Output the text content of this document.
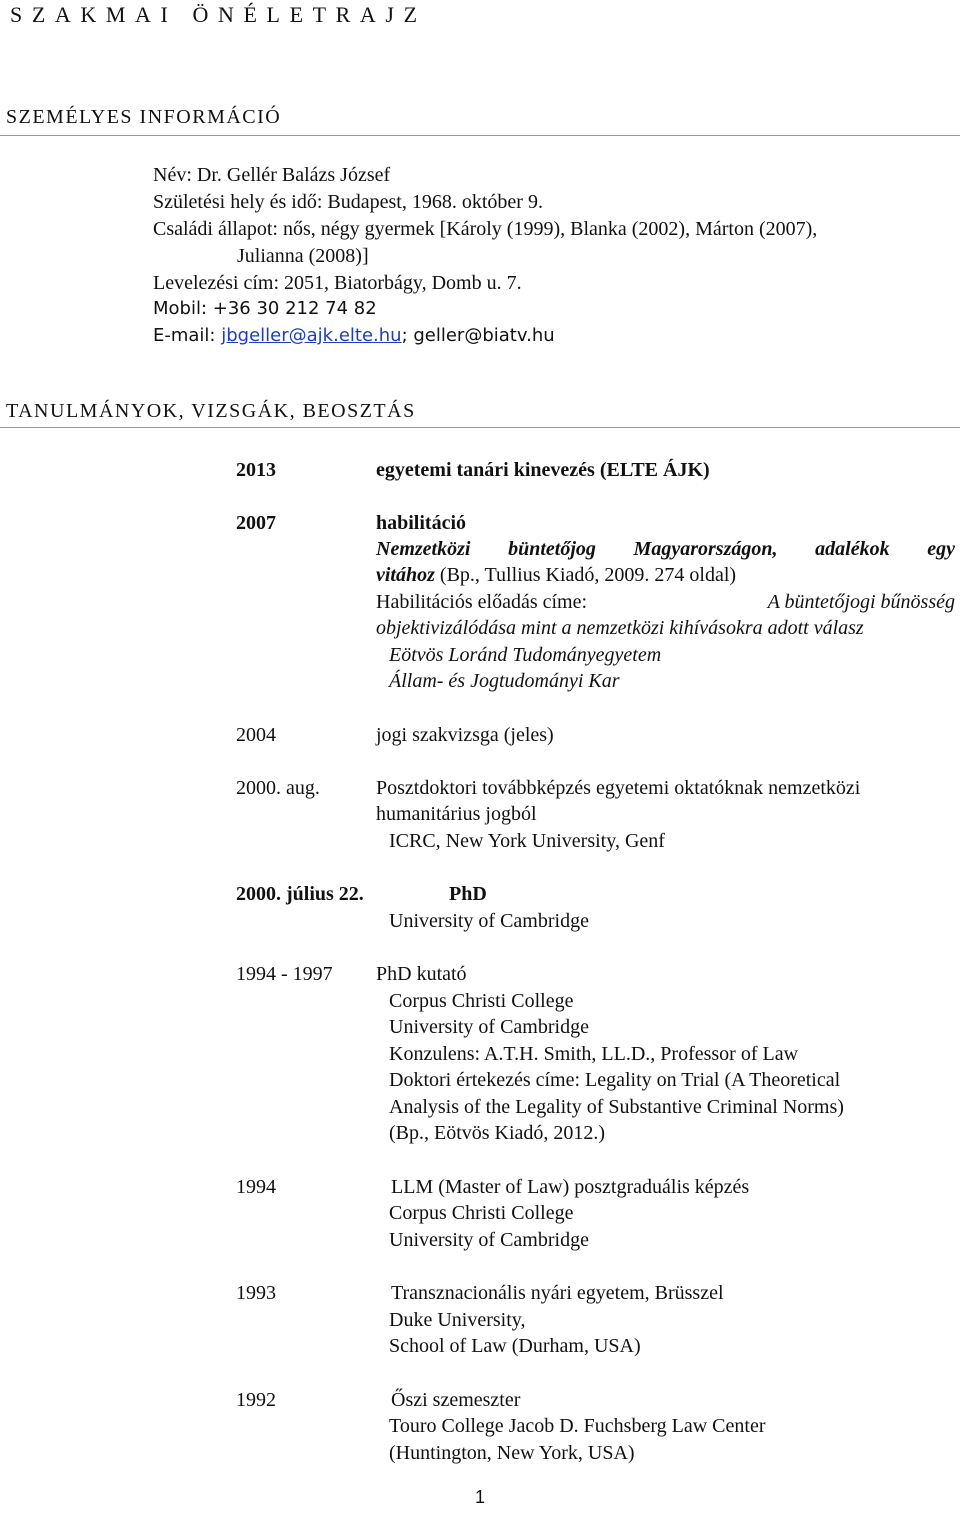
SZAKMAI ÖNÉLETRAJZ
SZEMÉLYES INFORMÁCIÓ
Név: Dr. Gellér Balázs József
Születési hely és idő: Budapest, 1968. október 9.
Családi állapot: nős, négy gyermek [Károly (1999), Blanka (2002), Márton (2007),
Julianna (2008)]
Levelezési cím: 2051, Biatorbágy, Domb u. 7.
Mobil: +36 30 212 74 82
E-mail: jbgeller@ajk.elte.hu; geller@biatv.hu
TANULMÁNYOK, VIZSGÁK, BEOSZTÁS
2013	egyetemi tanári kinevezés (ELTE ÁJK)
2007	habilitáció
Nemzetközi büntetőjog Magyarországon, adalékok egy
vitához (Bp., Tullius Kiadó, 2009. 274 oldal)
Habilitációs előadás címe:	A büntetőjogi bűnösség
objektivizálódása mint a nemzetközi kihívásokra adott válasz
Eötvös Loránd Tudományegyetem
Állam- és Jogtudományi Kar
2004	jogi szakvizsga (jeles)
2000. aug.	Posztdoktori továbbképzés egyetemi oktatóknak nemzetközi
humanitárius jogból
ICRC, New York University, Genf
2000. július 22.	PhD
University of Cambridge
1994 - 1997 PhD kutató
Corpus Christi College
University of Cambridge
Konzulens: A.T.H. Smith, LL.D., Professor of Law
Doktori értekezés címe: Legality on Trial (A Theoretical
Analysis of the Legality of Substantive Criminal Norms)
(Bp., Eötvös Kiadó, 2012.)
1994	LLM (Master of Law) posztgraduális képzés
Corpus Christi College
University of Cambridge
1993	Transznacionális nyári egyetem, Brüsszel
Duke University,
School of Law (Durham, USA)
1992	Őszi szemeszter
Touro College Jacob D. Fuchsberg Law Center
(Huntington, New York, USA)
1
